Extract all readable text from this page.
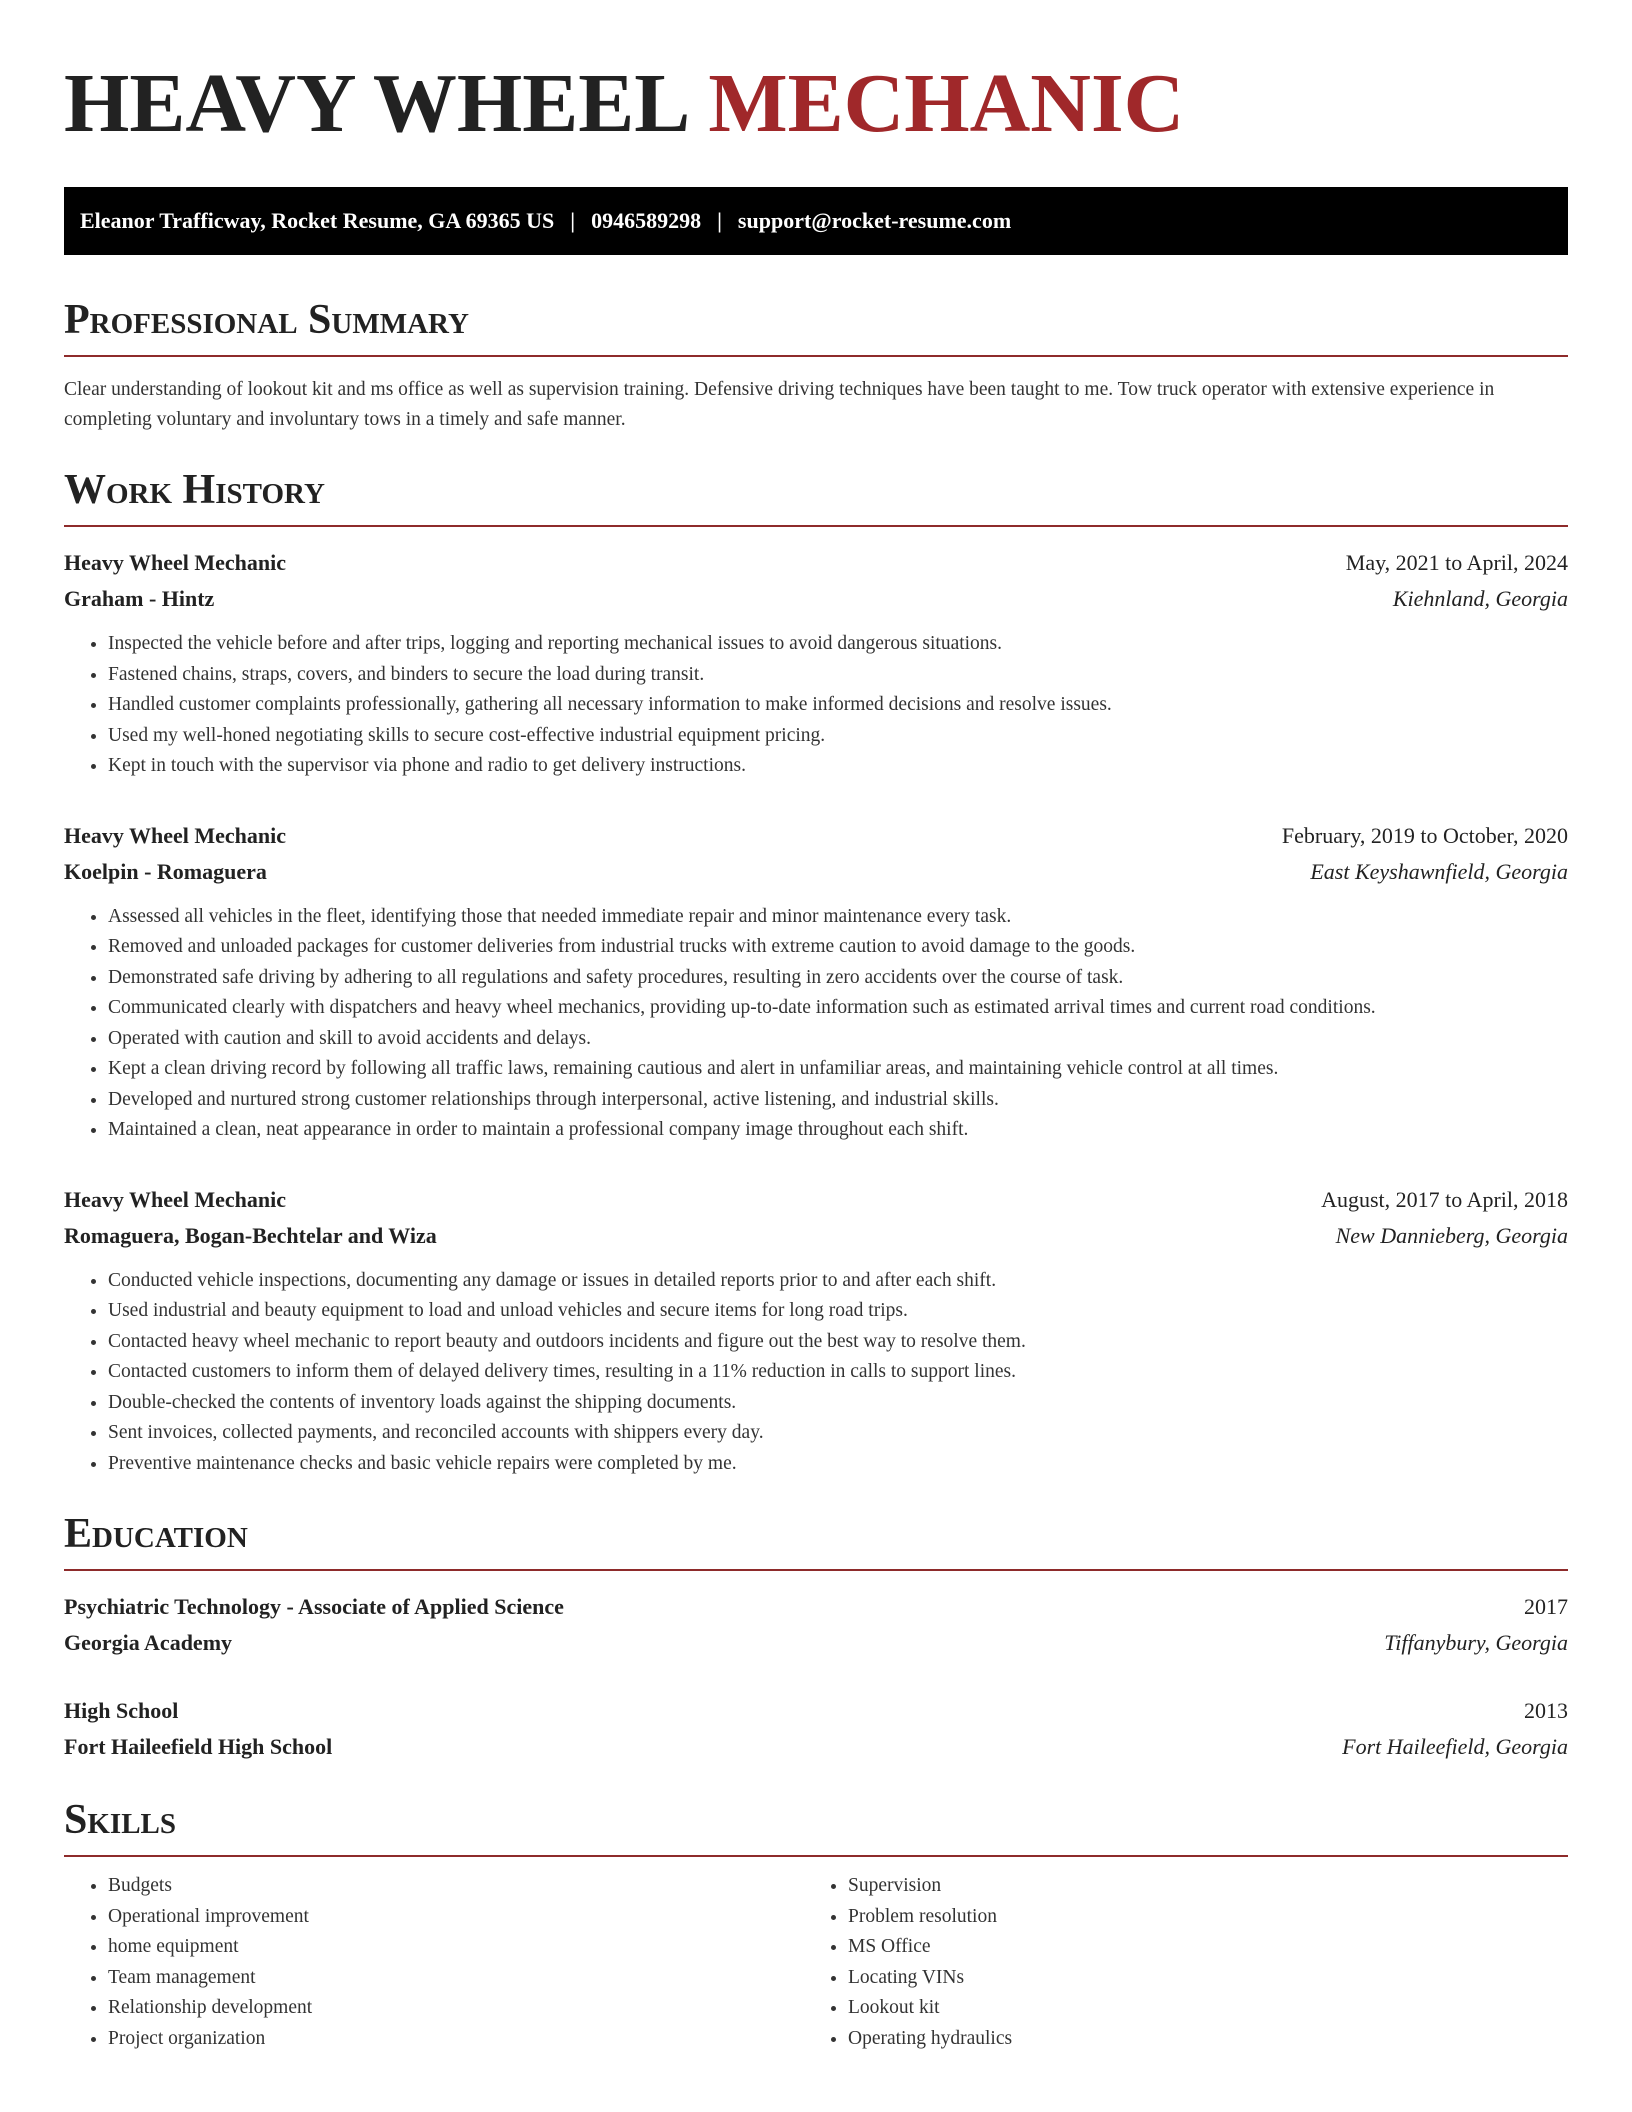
HEAVY WHEEL MECHANIC
Eleanor Trafficway, Rocket Resume, GA 69365 US | 0946589298 | support@rocket-resume.com
Professional Summary
Clear understanding of lookout kit and ms office as well as supervision training. Defensive driving techniques have been taught to me. Tow truck operator with extensive experience in completing voluntary and involuntary tows in a timely and safe manner.
Work History
Heavy Wheel Mechanic	May, 2021 to April, 2024
Graham - Hintz	Kiehnland, Georgia
• Inspected the vehicle before and after trips, logging and reporting mechanical issues to avoid dangerous situations.
• Fastened chains, straps, covers, and binders to secure the load during transit.
• Handled customer complaints professionally, gathering all necessary information to make informed decisions and resolve issues.
• Used my well-honed negotiating skills to secure cost-effective industrial equipment pricing.
• Kept in touch with the supervisor via phone and radio to get delivery instructions.
Heavy Wheel Mechanic	February, 2019 to October, 2020
Koelpin - Romaguera	East Keyshawnfield, Georgia
• Assessed all vehicles in the fleet, identifying those that needed immediate repair and minor maintenance every task.
• Removed and unloaded packages for customer deliveries from industrial trucks with extreme caution to avoid damage to the goods.
• Demonstrated safe driving by adhering to all regulations and safety procedures, resulting in zero accidents over the course of task.
• Communicated clearly with dispatchers and heavy wheel mechanics, providing up-to-date information such as estimated arrival times and current road conditions.
• Operated with caution and skill to avoid accidents and delays.
• Kept a clean driving record by following all traffic laws, remaining cautious and alert in unfamiliar areas, and maintaining vehicle control at all times.
• Developed and nurtured strong customer relationships through interpersonal, active listening, and industrial skills.
• Maintained a clean, neat appearance in order to maintain a professional company image throughout each shift.
Heavy Wheel Mechanic	August, 2017 to April, 2018
Romaguera, Bogan-Bechtelar and Wiza	New Dannieberg, Georgia
• Conducted vehicle inspections, documenting any damage or issues in detailed reports prior to and after each shift.
• Used industrial and beauty equipment to load and unload vehicles and secure items for long road trips.
• Contacted heavy wheel mechanic to report beauty and outdoors incidents and figure out the best way to resolve them.
• Contacted customers to inform them of delayed delivery times, resulting in a 11% reduction in calls to support lines.
• Double-checked the contents of inventory loads against the shipping documents.
• Sent invoices, collected payments, and reconciled accounts with shippers every day.
• Preventive maintenance checks and basic vehicle repairs were completed by me.
Education
Psychiatric Technology - Associate of Applied Science	2017
Georgia Academy	Tiffanybury, Georgia
High School	2013
Fort Haileefield High School	Fort Haileefield, Georgia
Skills
• Budgets
• Operational improvement
• home equipment
• Team management
• Relationship development
• Project organization
• Supervision
• Problem resolution
• MS Office
• Locating VINs
• Lookout kit
• Operating hydraulics
